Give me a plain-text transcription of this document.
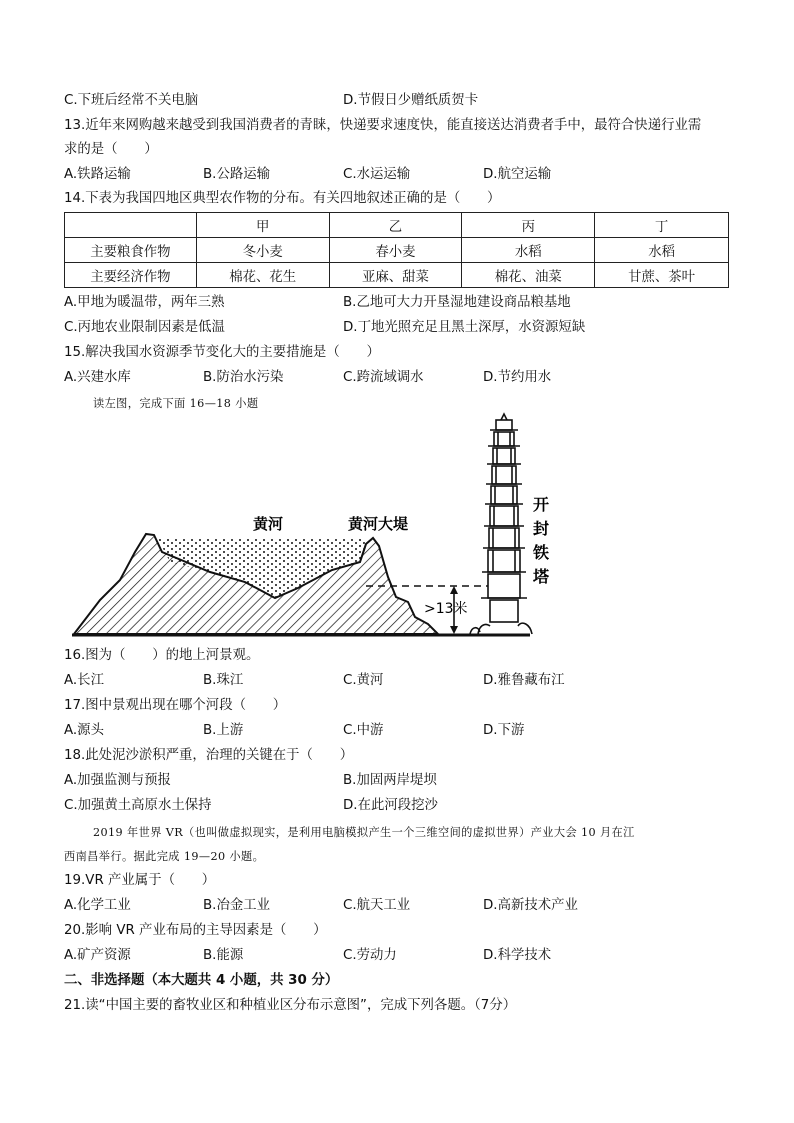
C.下班后经常不关电脑	D.节假日少赠纸质贺卡
13.近年来网购越来越受到我国消费者的青睐，快递要求速度快，能直接送达消费者手中，最符合快递行业需
求的是（　　）
A.铁路运输	B.公路运输	C.水运运输	D.航空运输
14.下表为我国四地区典型农作物的分布。有关四地叙述正确的是（　　）
	甲	乙	丙	丁
主要粮食作物	冬小麦	春小麦	水稻	水稻
主要经济作物	棉花、花生	亚麻、甜菜	棉花、油菜	甘蔗、茶叶
A.甲地为暖温带，两年三熟	B.乙地可大力开垦湿地建设商品粮基地
C.丙地农业限制因素是低温	D.丁地光照充足且黑土深厚，水资源短缺
15.解决我国水资源季节变化大的主要措施是（　　）
A.兴建水库	B.防治水污染	C.跨流域调水	D.节约用水
读左图，完成下面 16—18 小题
黄河	黄河大堤
>13米
开
封
铁
塔
16.图为（　　）的地上河景观。
A.长江	B.珠江	C.黄河	D.雅鲁藏布江
17.图中景观出现在哪个河段（　　）
A.源头	B.上游	C.中游	D.下游
18.此处泥沙淤积严重，治理的关键在于（　　）
A.加强监测与预报	B.加固两岸堤坝
C.加强黄土高原水土保持	D.在此河段挖沙
2019 年世界 VR（也叫做虚拟现实，是利用电脑模拟产生一个三维空间的虚拟世界）产业大会 10 月在江
西南昌举行。据此完成 19—20 小题。
19.VR 产业属于（　　）
A.化学工业	B.冶金工业	C.航天工业	D.高新技术产业
20.影响 VR 产业布局的主导因素是（　　）
A.矿产资源	B.能源	C.劳动力	D.科学技术
二、非选择题（本大题共 4 小题，共 30 分）
21.读“中国主要的畜牧业区和种植业区分布示意图”，完成下列各题。（7分）
